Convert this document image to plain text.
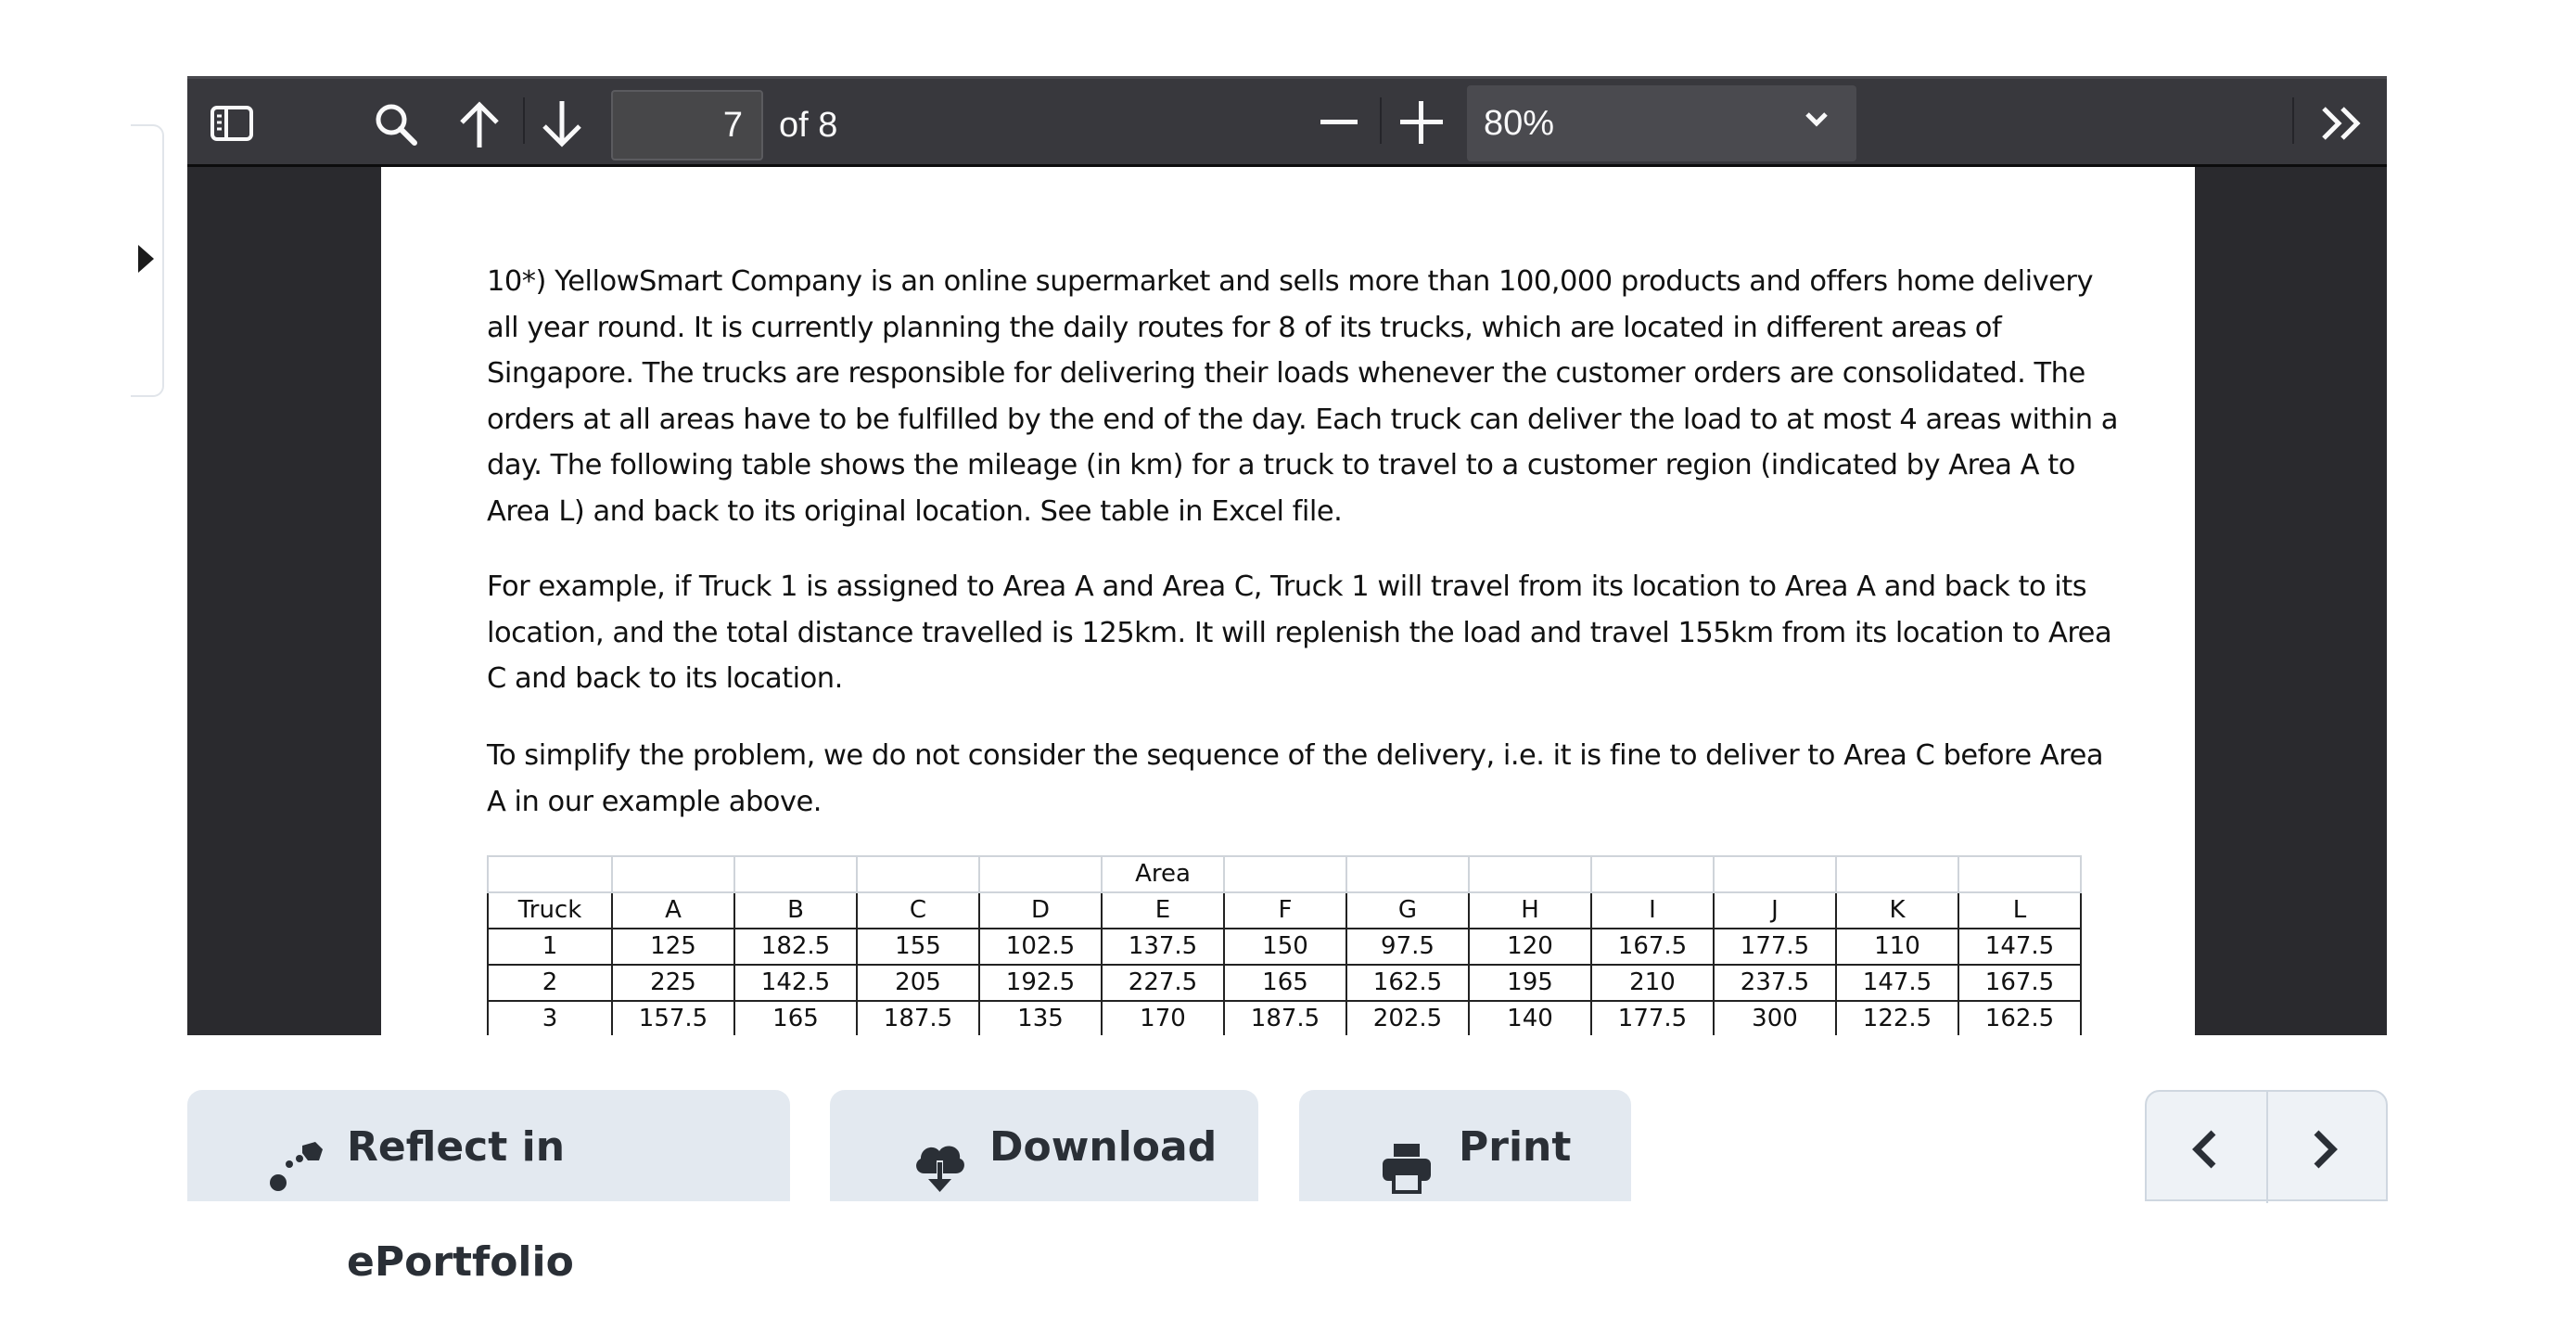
7	of 8	80%

10*) YellowSmart Company is an online supermarket and sells more than 100,000 products and offers home delivery all year round. It is currently planning the daily routes for 8 of its trucks, which are located in different areas of Singapore. The trucks are responsible for delivering their loads whenever the customer orders are consolidated. The orders at all areas have to be fulfilled by the end of the day. Each truck can deliver the load to at most 4 areas within a day. The following table shows the mileage (in km) for a truck to travel to a customer region (indicated by Area A to Area L) and back to its original location. See table in Excel file.

For example, if Truck 1 is assigned to Area A and Area C, Truck 1 will travel from its location to Area A and back to its location, and the total distance travelled is 125km. It will replenish the load and travel 155km from its location to Area C and back to its location.

To simplify the problem, we do not consider the sequence of the delivery, i.e. it is fine to deliver to Area C before Area A in our example above.

					Area							
Truck	A	B	C	D	E	F	G	H	I	J	K	L
1	125	182.5	155	102.5	137.5	150	97.5	120	167.5	177.5	110	147.5
2	225	142.5	205	192.5	227.5	165	162.5	195	210	237.5	147.5	167.5
3	157.5	165	187.5	135	170	187.5	202.5	140	177.5	300	122.5	162.5
Reflect in ePortfolio
Download	Print
